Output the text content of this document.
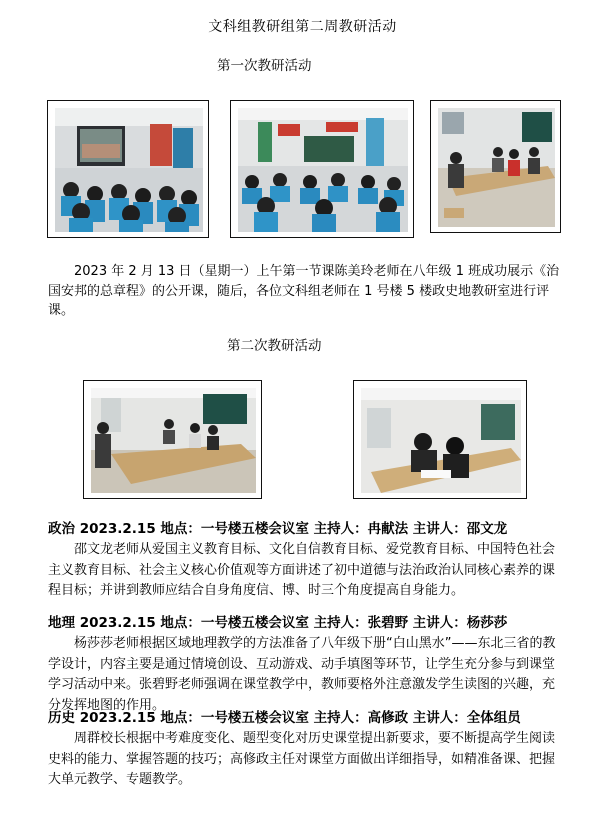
文科组教研组第二周教研活动
第一次教研活动
2023 年 2 月 13 日（星期一）上午第一节课陈美玲老师在八年级 1 班成功展示《治国安邦的总章程》的公开课，随后，各位文科组老师在 1 号楼 5 楼政史地教研室进行评课。
第二次教研活动
政治 2023.2.15 地点：一号楼五楼会议室 主持人：冉献法 主讲人：邵文龙
邵文龙老师从爱国主义教育目标、文化自信教育目标、爱党教育目标、中国特色社会主义教育目标、社会主义核心价值观等方面讲述了初中道德与法治政治认同核心素养的课程目标；并讲到教师应结合自身角度信、博、时三个角度提高自身能力。
地理 2023.2.15 地点：一号楼五楼会议室 主持人：张碧野 主讲人：杨莎莎
杨莎莎老师根据区域地理教学的方法准备了八年级下册“白山黑水”——东北三省的教学设计，内容主要是通过情境创设、互动游戏、动手填图等环节，让学生充分参与到课堂学习活动中来。张碧野老师强调在课堂教学中，教师要格外注意激发学生读图的兴趣，充分发挥地图的作用。
历史 2023.2.15 地点：一号楼五楼会议室 主持人：高修政 主讲人：全体组员
周群校长根据中考难度变化、题型变化对历史课堂提出新要求，要不断提高学生阅读史料的能力、掌握答题的技巧；高修政主任对课堂方面做出详细指导，如精准备课、把握大单元教学、专题教学。
